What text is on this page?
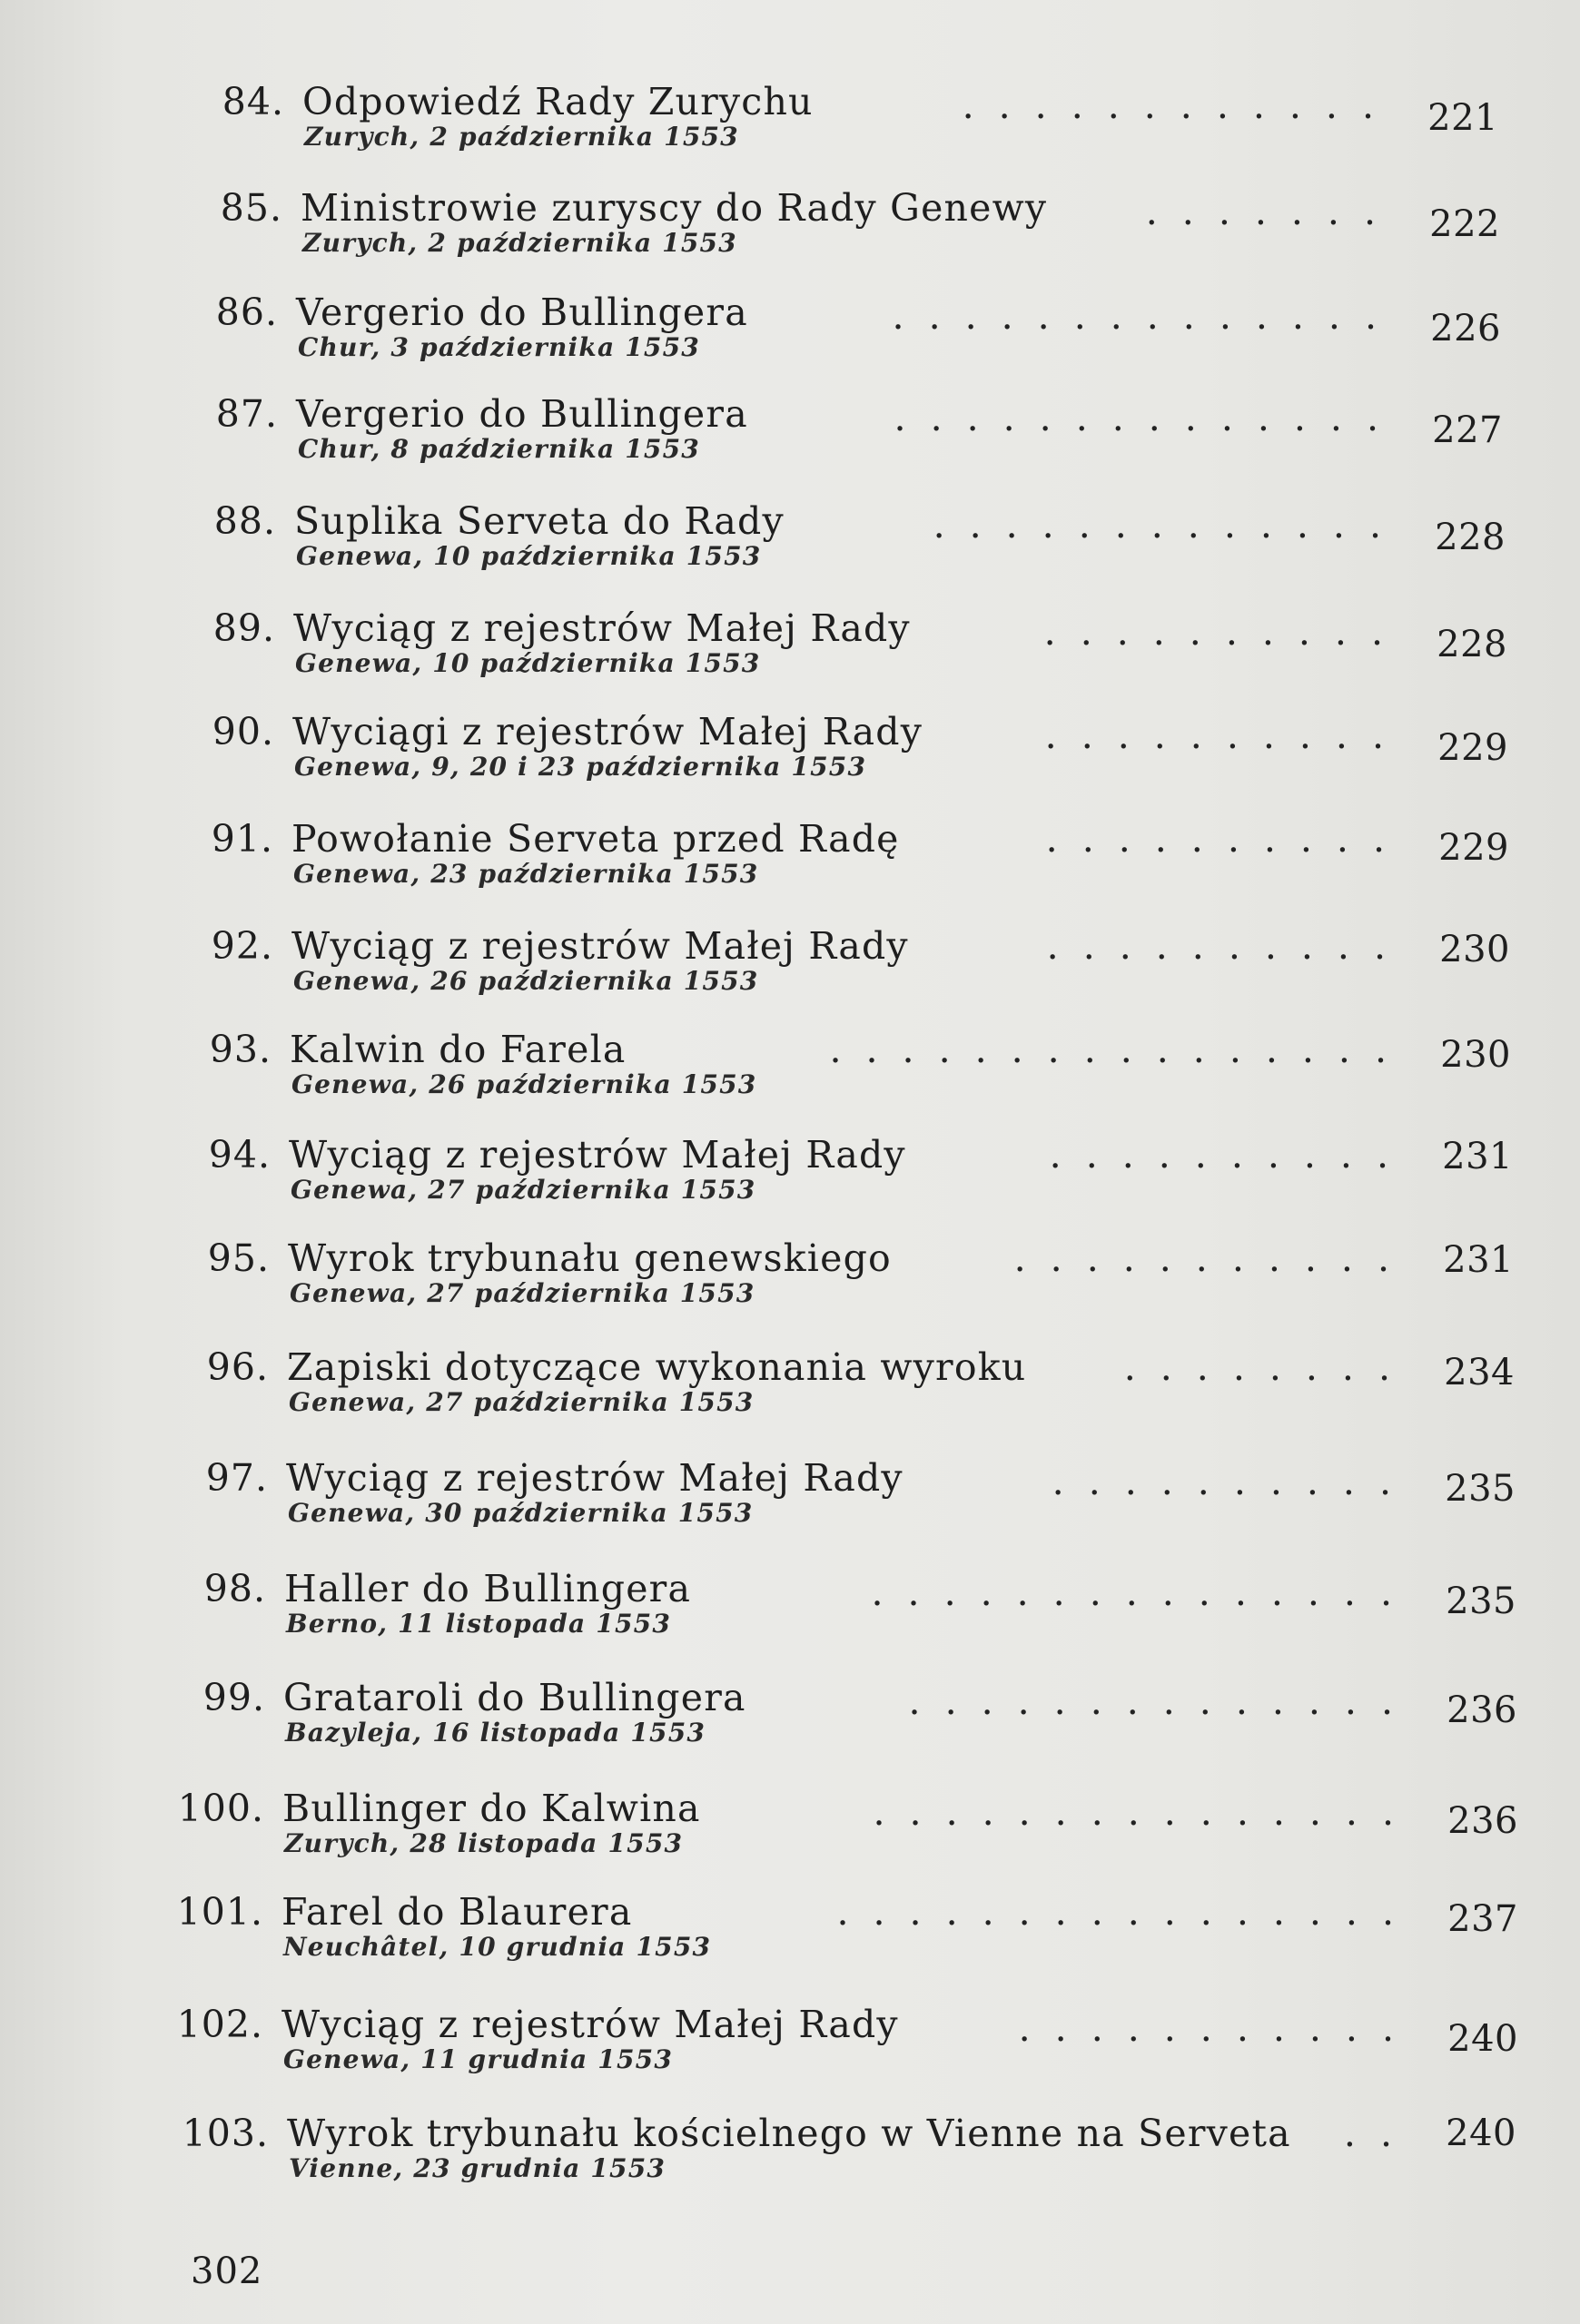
84. Odpowiedź Rady Zurychu
Zurych, 2 października 1553	221
............
85. Ministrowie zuryscy do Rady Genewy
Zurych, 2 października 1553	222
.......
86. Vergerio do Bullingera
Chur, 3 października 1553	226
..............
87. Vergerio do Bullingera
Chur, 8 października 1553	227
..............
88. Suplika Serveta do Rady
Genewa, 10 października 1553	228
.............
89. Wyciąg z rejestrów Małej Rady
Genewa, 10 października 1553	228
..........
90. Wyciągi z rejestrów Małej Rady
Genewa, 9, 20 i 23 października 1553	229
..........
91. Powołanie Serveta przed Radę
Genewa, 23 października 1553
229
..........
92. Wyciąg z rejestrów Małej Rady
Genewa, 26 października 1553
230
..........
93. Kalwin do Farela
Genewa, 26 października 1553
230
................
94. Wyciąg z rejestrów Małej Rady
Genewa, 27 października 1553
231
..........
95. Wyrok trybunału genewskiego
Genewa, 27 października 1553
231
...........
96. Zapiski dotyczące wykonania wyroku
Genewa, 27 października 1553
234
........
97. Wyciąg z rejestrów Małej Rady
Genewa, 30 października 1553
235
..........
98. Haller do Bullingera
Berno, 11 listopada 1553
235
...............
99. Grataroli do Bullingera
Bazyleja, 16 listopada 1553
236
..............
100. Bullinger do Kalwina
Zurych, 28 listopada 1553
236
...............
101. Farel do Blaurera
Neuchâtel, 10 grudnia 1553
237
................
102. Wyciąg z rejestrów Małej Rady
Genewa, 11 grudnia 1553	240
...........
103. Wyrok trybunału kościelnego w Vienne na Serveta
Vienne, 23 grudnia 1553
240
..
302
